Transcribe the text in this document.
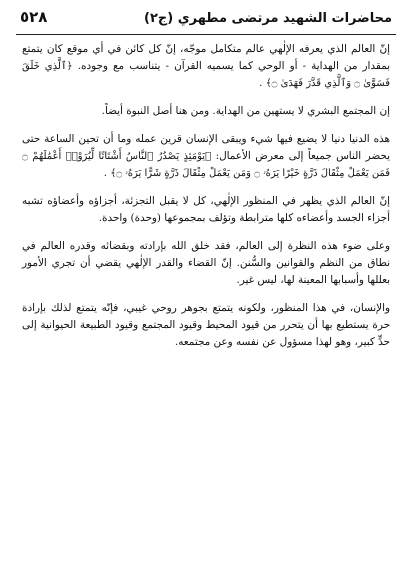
محاضرات الشهيد مرتضى مطهري (ج٢)
٥٢٨

إنّ العالم الذي يعرفه الإلٰهي عالم متكامل موجّه، إنّ كل كائن في أي موقع كان يتمتع بمقدار من الهداية - أو الوحي كما يسميه القرآن - يتناسب مع وجوده. ﴿ٱلَّذِي خَلَقَ فَسَوَّىٰ ۝ وَٱلَّذِي قَدَّرَ فَهَدَىٰ ۝﴾ .

إن المجتمع البشري لا يستهين من الهداية. ومن هنا أصل النبوة أيضاً.

هذه الدنيا دنيا لا يضيع فيها شيء ويبقى الإنسان قرين عمله وما أن تحين الساعة حتى يحضر الناس جميعاً إلى معرض الأعمال: ﴿يَوْمَئِذٍ يَصْدُرُ ٱلنَّاسُ أَشْتَاتًا لِّيُرَوْا۟ أَعْمَٰلَهُمْ ۝ فَمَن يَعْمَلْ مِثْقَالَ ذَرَّةٍ خَيْرًا يَرَهُۥ ۝ وَمَن يَعْمَلْ مِثْقَالَ ذَرَّةٍ شَرًّا يَرَهُۥ ۝﴾ .

إنّ العالم الذي يظهر في المنظور الإلٰهي، كل لا يقبل التجزئة، أجزاؤه وأعضاؤه تشبه أجزاء الجسد وأعضاءه كلها مترابطة وتؤلف بمجموعها (وحدة) واحدة.

وعلى ضوء هذه النظرة إلى العالم، فقد خلق الله بإرادته وبقضائه وقدره العالم في نطاق من النظم والقوانين والسُّنن. إنّ القضاء والقدر الإلٰهي يقضي أن تجري الأمور بعللها وأسبابها المعينة لها، ليس غير.

والإنسان، في هذا المنظور، ولكونه يتمتع بجوهر روحي غيبي، فإنّه يتمتع لذلك بإرادة حرة يستطيع بها أن يتحرر من قيود المحيط وقيود المجتمع وقيود الطبيعة الحيوانية إلى حدٍّ كبير، وهو لهذا مسؤول عن نفسه وعن مجتمعه.
